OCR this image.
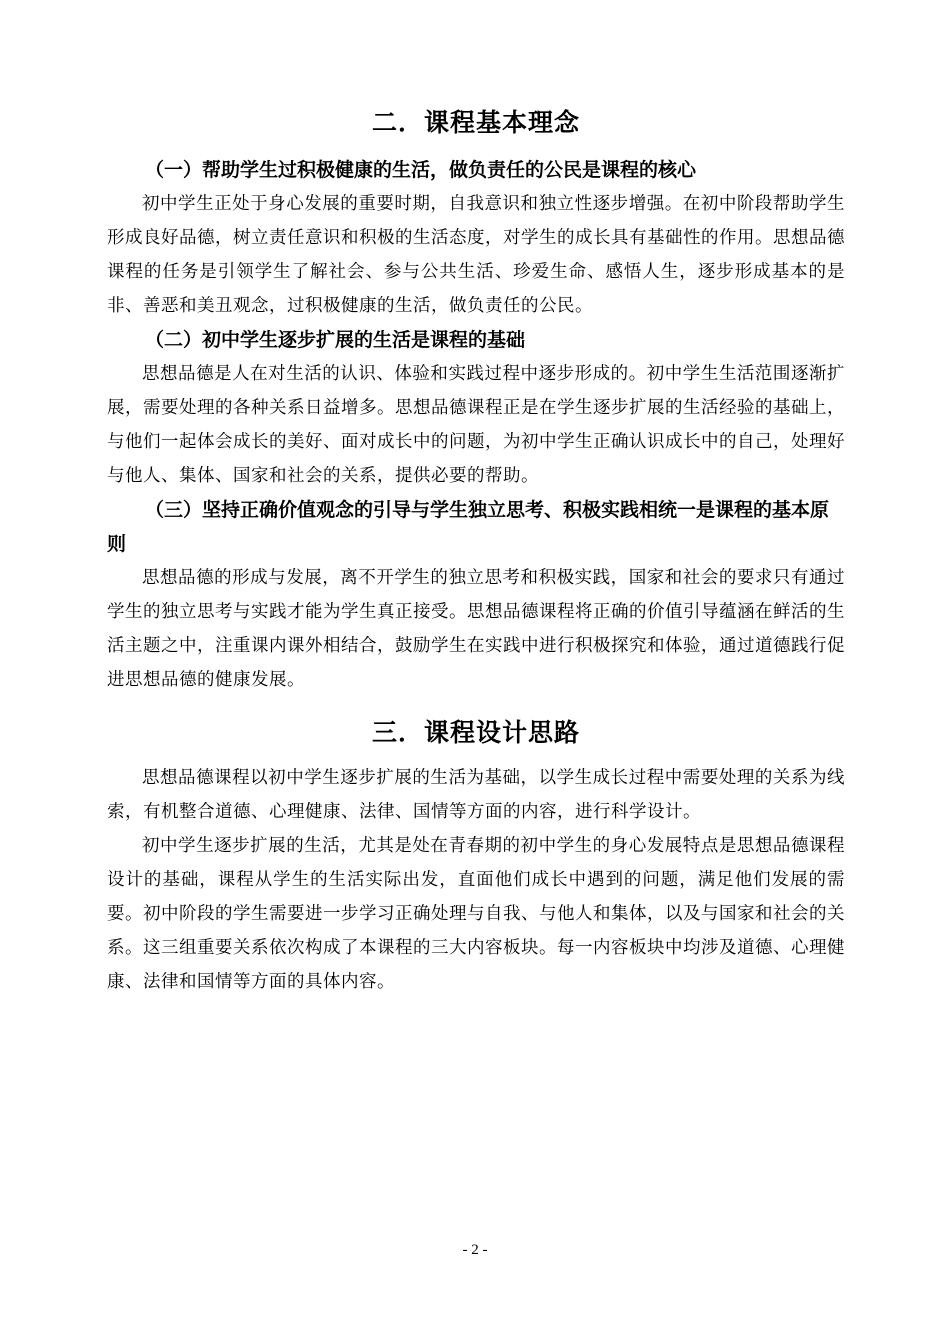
二．课程基本理念

（一）帮助学生过积极健康的生活，做负责任的公民是课程的核心

初中学生正处于身心发展的重要时期，自我意识和独立性逐步增强。在初中阶段帮助学生形成良好品德，树立责任意识和积极的生活态度，对学生的成长具有基础性的作用。思想品德课程的任务是引领学生了解社会、参与公共生活、珍爱生命、感悟人生，逐步形成基本的是非、善恶和美丑观念，过积极健康的生活，做负责任的公民。

（二）初中学生逐步扩展的生活是课程的基础

思想品德是人在对生活的认识、体验和实践过程中逐步形成的。初中学生生活范围逐渐扩展，需要处理的各种关系日益增多。思想品德课程正是在学生逐步扩展的生活经验的基础上，与他们一起体会成长的美好、面对成长中的问题，为初中学生正确认识成长中的自己，处理好与他人、集体、国家和社会的关系，提供必要的帮助。

（三）坚持正确价值观念的引导与学生独立思考、积极实践相统一是课程的基本原则

思想品德的形成与发展，离不开学生的独立思考和积极实践，国家和社会的要求只有通过学生的独立思考与实践才能为学生真正接受。思想品德课程将正确的价值引导蕴涵在鲜活的生活主题之中，注重课内课外相结合，鼓励学生在实践中进行积极探究和体验，通过道德践行促进思想品德的健康发展。

三．课程设计思路

思想品德课程以初中学生逐步扩展的生活为基础，以学生成长过程中需要处理的关系为线索，有机整合道德、心理健康、法律、国情等方面的内容，进行科学设计。

初中学生逐步扩展的生活，尤其是处在青春期的初中学生的身心发展特点是思想品德课程设计的基础，课程从学生的生活实际出发，直面他们成长中遇到的问题，满足他们发展的需要。初中阶段的学生需要进一步学习正确处理与自我、与他人和集体，以及与国家和社会的关系。这三组重要关系依次构成了本课程的三大内容板块。每一内容板块中均涉及道德、心理健康、法律和国情等方面的具体内容。

- 2 -
